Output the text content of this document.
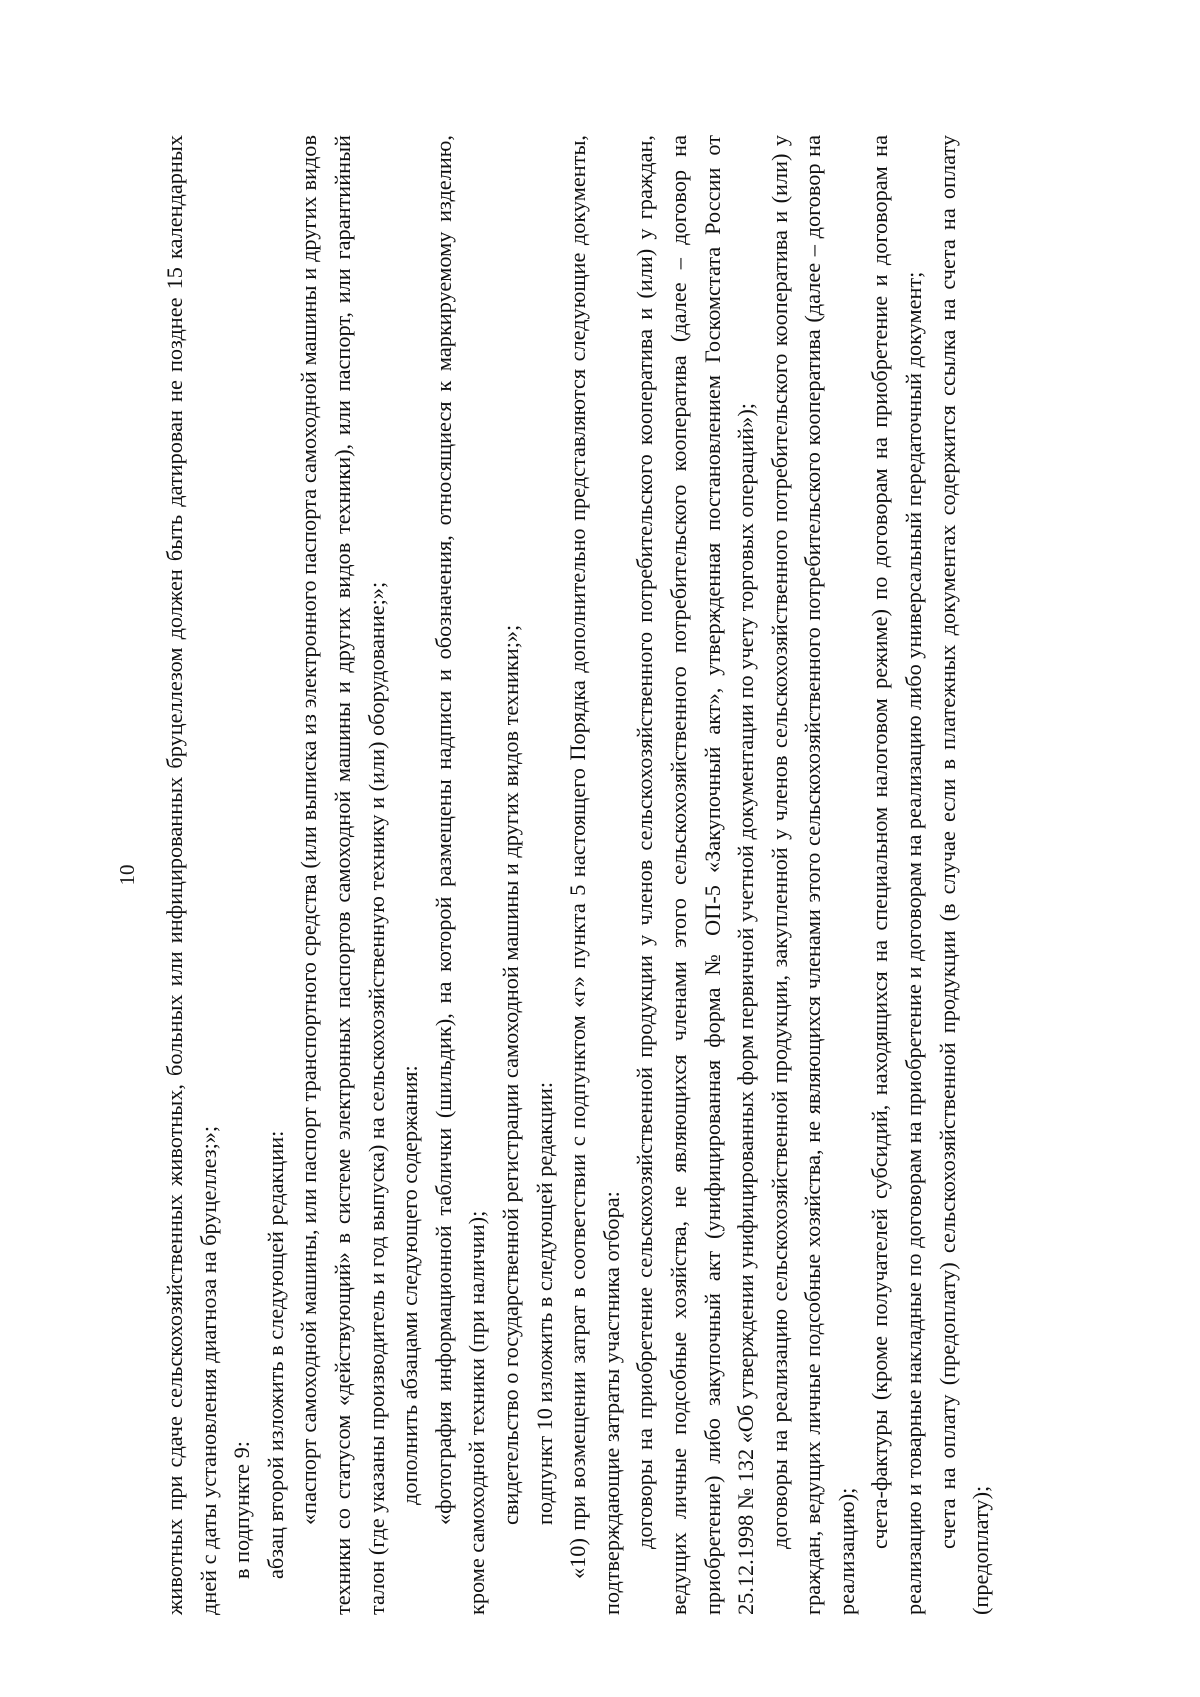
10 животных при сдаче сельскохозяйственных животных, больных или инфицированных бруцеллезом должен быть датирован не позднее 15 календарных дней с даты установления диагноза на бруцеллез;»; в подпункте 9: абзац второй изложить в следующей редакции: «паспорт самоходной машины, или паспорт транспортного средства (или выписка из электронного паспорта самоходной машины и других видов техники со статусом «действующий» в системе электронных паспортов самоходной машины и других видов техники), или паспорт, или гарантийный талон (где указаны производитель и год выпуска) на сельскохозяйственную технику и (или) оборудование;»; дополнить абзацами следующего содержания: «фотография информационной таблички (шильдик), на которой размещены надписи и обозначения, относящиеся к маркируемому изделию, кроме самоходной техники (при наличии); свидетельство о государственной регистрации самоходной машины и других видов техники;»; подпункт 10 изложить в следующей редакции: «10) при возмещении затрат в соответствии с подпунктом «г» пункта 5 настоящего Порядка дополнительно представляются следующие документы, подтверждающие затраты участника отбора: договоры на приобретение сельскохозяйственной продукции у членов сельскохозяйственного потребительского кооператива и (или) у граждан, ведущих личные подсобные хозяйства, не являющихся членами этого сельскохозяйственного потребительского кооператива (далее – договор на приобретение) либо закупочный акт (унифицированная форма № ОП-5 «Закупочный акт», утвержденная постановлением Госкомстата России от 25.12.1998 № 132 «Об утверждении унифицированных форм первичной учетной документации по учету торговых операций»); договоры на реализацию сельскохозяйственной продукции, закупленной у членов сельскохозяйственного потребительского кооператива и (или) у граждан, ведущих личные подсобные хозяйства, не являющихся членами этого сельскохозяйственного потребительского кооператива (далее – договор на реализацию);

счета-фактуры (кроме получателей субсидий, находящихся на специальном налоговом режиме) по договорам на приобретение и договорам на реализацию и товарные накладные по договорам на приобретение и договорам на реализацию либо универсальный передаточный документ; счета на оплату (предоплату) сельскохозяйственной продукции (в случае если в платежных документах содержится ссылка на счета на оплату (предоплату);
